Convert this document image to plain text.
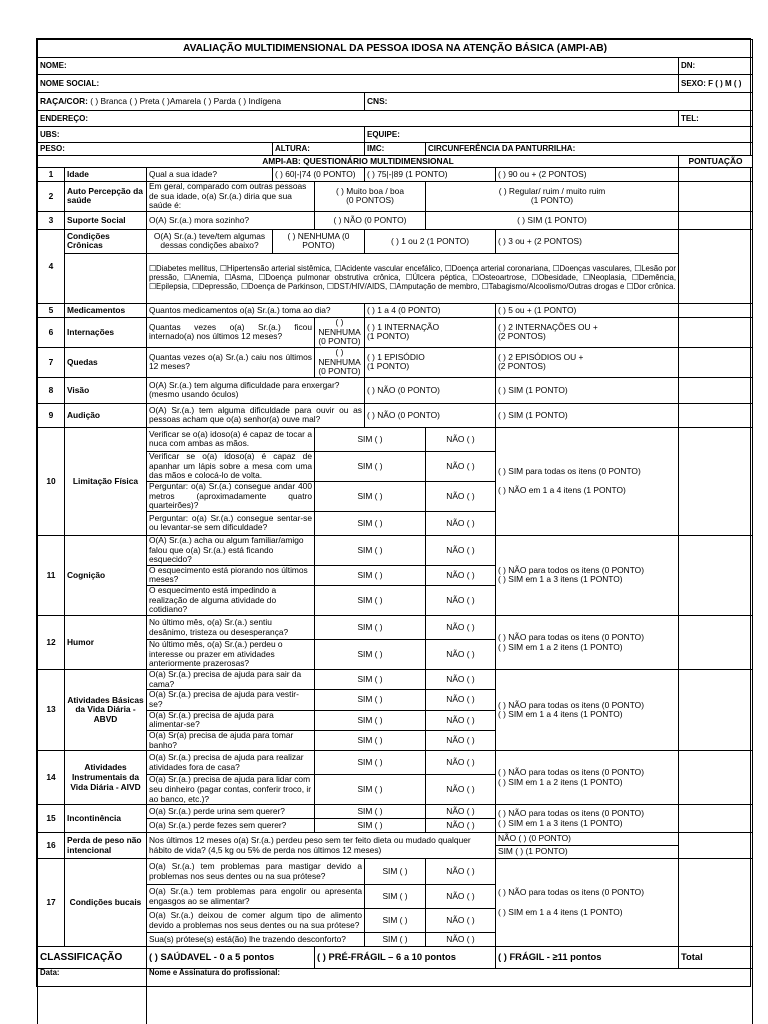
AVALIAÇÃO MULTIDIMENSIONAL DA PESSOA IDOSA NA ATENÇÃO BÁSICA (AMPI-AB)								
NOME:								DN:
NOME SOCIAL:								SEXO: F ( ) M ( )
RAÇA/COR: ( ) Branca ( ) Preta ( )Amarela ( ) Parda ( ) Indígena					CNS:			
ENDEREÇO:								TEL:
UBS:					EQUIPE:			
PESO:			ALTURA:		IMC:	CIRCUNFERÊNCIA DA PANTURRILHA:		
AMPI-AB: QUESTIONÁRIO MULTIDIMENSIONAL								PONTUAÇÃO
1	Idade	Qual a sua idade?	( ) 60|-|74 (0 PONTO)		( ) 75|-|89 (1 PONTO)		( ) 90 ou + (2 PONTOS)	
2	Auto Percepção da saúde	Em geral, comparado com outras pessoas de sua idade, o(a) Sr.(a.) diria que sua saúde é:		( ) Muito boa / boa
(0 PONTOS)		( ) Regular/ ruim / muito ruim
(1 PONTO)		
3	Suporte Social	O(A) Sr.(a.) mora sozinho?		( ) NÃO (0 PONTO)		( ) SIM (1 PONTO)		
4	Condições Crônicas	O(A) Sr.(a.) teve/tem algumas dessas condições abaixo?	( ) NENHUMA (0 PONTO)		( ) 1 ou 2 (1 PONTO)		( ) 3 ou + (2 PONTOS)	
		☐Diabetes mellitus, ☐Hipertensão arterial sistêmica, ☐Acidente vascular encefálico, ☐Doença arterial coronariana, ☐Doenças vasculares, ☐Lesão por pressão, ☐Anemia, ☐Asma, ☐Doença pulmonar obstrutiva crônica, ☐Úlcera péptica, ☐Osteoartrose, ☐Obesidade, ☐Neoplasia, ☐Demência, ☐Epilepsia, ☐Depressão, ☐Doença de Parkinson, ☐DST/HIV/AIDS, ☐Amputação de membro, ☐Tabagismo/Alcoolismo/Outras drogas e ☐Dor crônica.						
5	Medicamentos	Quantos medicamentos o(a) Sr.(a.) toma ao dia?			( ) 1 a 4 (0 PONTO)		( ) 5 ou + (1 PONTO)	
6	Internações	Quantas vezes o(a) Sr.(a.) ficou internado(a) nos últimos 12 meses?		( ) NENHUMA (0 PONTO)	( ) 1 INTERNAÇÃO
(1 PONTO)		( ) 2 INTERNAÇÕES OU +
(2 PONTOS)	
7	Quedas	Quantas vezes o(a) Sr.(a.) caiu nos últimos 12 meses?		( ) NENHUMA (0 PONTO)	( ) 1 EPISÓDIO
(1 PONTO)		( ) 2 EPISÓDIOS OU +
(2 PONTOS)	
8	Visão	O(A) Sr.(a.) tem alguma dificuldade para enxergar? (mesmo usando óculos)			( ) NÃO (0 PONTO)		( ) SIM (1 PONTO)	
9	Audição	O(A) Sr.(a.) tem alguma dificuldade para ouvir ou as pessoas acham que o(a) senhor(a) ouve mal?			( ) NÃO (0 PONTO)		( ) SIM (1 PONTO)	
10	Limitação Física	Verificar se o(a) idoso(a) é capaz de tocar a nuca com ambas as mãos.		SIM ( )		NÃO ( )	( ) SIM para todas os itens (0 PONTO)

( ) NÃO em 1 a 4 itens (1 PONTO)	
		Verificar se o(a) idoso(a) é capaz de apanhar um lápis sobre a mesa com uma das mãos e colocá-lo de volta.		SIM ( )		NÃO ( )		
		Perguntar: o(a) Sr.(a.) consegue andar 400 metros (aproximadamente quatro quarteirões)?		SIM ( )		NÃO ( )		
		Perguntar: o(a) Sr.(a.) consegue sentar-se ou levantar-se sem dificuldade?		SIM ( )		NÃO ( )		
11	Cognição	O(A) Sr.(a.) acha ou algum familiar/amigo falou que o(a) Sr.(a.) está ficando esquecido?		SIM ( )		NÃO ( )	( ) NÃO para todos os itens (0 PONTO)
( ) SIM em 1 a 3 itens (1 PONTO)	
		O esquecimento está piorando nos últimos meses?		SIM ( )		NÃO ( )		
		O esquecimento está impedindo a realização de alguma atividade do cotidiano?		SIM ( )		NÃO ( )		
12	Humor	No último mês, o(a) Sr.(a.) sentiu desânimo, tristeza ou desesperança?		SIM ( )		NÃO ( )	( ) NÃO para todas os itens (0 PONTO)
( ) SIM em 1 a 2 itens (1 PONTO)	
		No último mês, o(a) Sr.(a.) perdeu o interesse ou prazer em atividades anteriormente prazerosas?		SIM ( )		NÃO ( )		
13	Atividades Básicas da Vida Diária - ABVD	O(a) Sr.(a.) precisa de ajuda para sair da cama?		SIM ( )		NÃO ( )	( ) NÃO para todas os itens (0 PONTO)
( ) SIM em 1 a 4 itens (1 PONTO)	
		O(a) Sr.(a.) precisa de ajuda para vestir-se?		SIM ( )		NÃO ( )		
		O(a) Sr.(a.) precisa de ajuda para alimentar-se?		SIM ( )		NÃO ( )		
		O(a) Sr(a) precisa de ajuda para tomar banho?		SIM ( )		NÃO ( )		
14	Atividades Instrumentais da Vida Diária - AIVD	O(a) Sr.(a.) precisa de ajuda para realizar atividades fora de casa?		SIM ( )		NÃO ( )	( ) NÃO para todas os itens (0 PONTO)
( ) SIM em 1 a 2 itens (1 PONTO)	
		O(a) Sr.(a.) precisa de ajuda para lidar com seu dinheiro (pagar contas, conferir troco, ir ao banco, etc.)?		SIM ( )		NÃO ( )		
15	Incontinência	O(a) Sr.(a.) perde urina sem querer?		SIM ( )		NÃO ( )	( ) NÃO para todas os itens (0 PONTO)
( ) SIM em 1 a 3 itens (1 PONTO)	
		O(a) Sr.(a.) perde fezes sem querer?		SIM ( )		NÃO ( )		
16	Perda de peso não intencional	Nos últimos 12 meses o(a) Sr.(a.) perdeu peso sem ter feito dieta ou mudado qualquer hábito de vida? (4,5 kg ou 5% de perda nos últimos 12 meses)					NÃO ( ) (0 PONTO)	
							SIM ( ) (1 PONTO)	
17	Condições bucais	O(a) Sr.(a.) tem problemas para mastigar devido a problemas nos seus dentes ou na sua prótese?			SIM ( )	NÃO ( )	( ) NÃO para todas os itens (0 PONTO)

( ) SIM em 1 a 4 itens (1 PONTO)	
		O(a) Sr.(a.) tem problemas para engolir ou apresenta engasgos ao se alimentar?			SIM ( )	NÃO ( )		
		O(a) Sr.(a.) deixou de comer algum tipo de alimento devido a problemas nos seus dentes ou na sua prótese?			SIM ( )	NÃO ( )		
		Sua(s) prótese(s) está(ão) lhe trazendo desconforto?			SIM ( )	NÃO ( )		
CLASSIFICAÇÃO		( ) SAÚDAVEL - 0 a 5 pontos		( ) PRÉ-FRÁGIL – 6 a 10 pontos			( ) FRÁGIL - ≥11 pontos	Total
Data:		Nome e Assinatura do profissional:						
